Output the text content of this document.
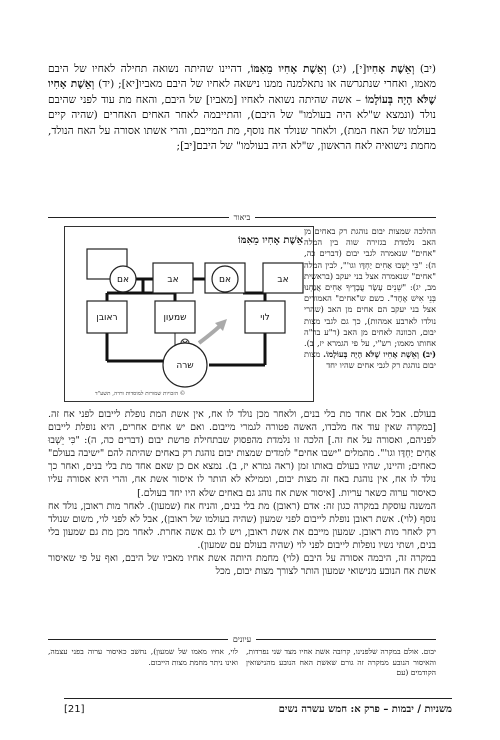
(יב) וְאֵשֶׁת אָחִיו[י], (יג) וְאֵשֶׁת אָחִיו מֵאִמּוֹ, דהיינו שהיתה נשואה תחילה לאחיו של היבם מאמו, ואחרי שנתגרשה או נתאלמנה ממנו נישאה לאחיו של היבם מאביו[יא]; (יד) וְאֵשֶׁת אָחִיו שֶׁלֹּא הָיָה בְּעוֹלָמוֹ – אשה שהיתה נשואה לאחיו [מאביו] של היבם, והאח מת עוד לפני שהיבם נולד (ונמצא ש"לא היה בעולמו" של היבם), והתייבמה לאחר האחים האחרים (שהיה קיים בעולמו של האח המת), ולאחר שנולד אח נוסף, מת המייבם, והרי אשתו אסורה על האח הנולד, מחמת נישואיה לאח הראשון, ש"לא היה בעולמו" של היבם[יב];
ביאור
אם	אב	אם	אב
ראובן	שמעון	לוי
שרה
אֵשֶׁת אָחִיו מֵאִמּוֹ
© הזכויות שמורות למוסדות ורדה, תשע"ד
ההלכה שמצות יבום נוהגת רק באחים מן האב נלמדת בגזירה שוה בין המלה "אחים" שנאמרה לגבי יבום (דברים כה, ה): "כִּי יֵשְׁבוּ אַחִים יַחְדָּו וגו'", לבין המלה "אחים" שנאמרה אצל בני יעקב (בראשית מב, יג): "שְׁנֵים עָשָׂר עֲבָדֶיךָ אַחִים אֲנַחְנוּ בְּנֵי אִישׁ אֶחָד". כשם ש"אחים" האמורים אצל בני יעקב הם אחים מן האב (שהרי נולדו לארבע אמהות), כך גם לגבי מצות יבום, הכוונה לאחים מן האב (ר"ע בר"ה אחותו מאמו; רש"י, על פי הגמרא יז, ב). (יב) וְאֵשֶׁת אָחִיו שֶׁלֹּא הָיָה בְּעוֹלָמוֹ. מצות יבום נוהגת רק לגבי אחים שהיו יחד

בעולם. אבל אם אחד מת בלי בנים, ולאחר מכן נולד לו אח, אין אשת המת נופלת לייבום לפני אח זה. [במקרה שאין עוד אח מלבדו, האשה פטורה לגמרי מייבום. ואם יש אחים אחרים, היא נופלת לייבום לפניהם, ואסורה על אח זה.] הלכה זו נלמדת מהפסוק שבתחילת פרשת יבום (דברים כה, ה): "כִּי יֵשְׁבוּ אַחִים יַחְדָּו וגו'". מהמלים "ישבו אחים" לומדים שמצות יבום נוהגת רק באחים שהיתה להם "ישיבה בעולם" כאחים; והיינו, שהיו בעולם באותו זמן (ראה גמרא יז, ב). נמצא אם כן שאם אחד מת בלי בנים, ואחר כך נולד לו אח, אין נוהגת באח זה מצות יבום, וממילא לא הותר לו איסור אשת אח, והרי היא אסורה עליו כאיסור ערוה כשאר עריות. [איסור אשת אח נוהג גם באחים שלא היו יחד בעולם.]

המשנה עוסקת במקרה כגון זה: אדם (ראובן) מת בלי בנים, והניח אח (שמעון). לאחר מות ראובן, נולד אח נוסף (לוי). אשת ראובן נופלת לייבום לפני שמעון (שהיה בעולמו של ראובן), אבל לא לפני לוי, משום שנולד רק לאחר מות ראובן. שמעון מייבם את אשת ראובן, ויש לו גם אשה אחרת. לאחר מכן מת גם שמעון בלי בנים, ושתי נשיו נופלות לייבום לפני לוי (שהיה בעולם עם שמעון).

במקרה זה, היבמה אסורה על היבם (לוי) מחמת היותה אשת אחיו מאביו של היבם, ואף על פי שאיסור אשת אח הנובע מנישואי שמעון הותר לצורך מצות יבום, מכל

עיונים
יבום. אולם במקרה שלפנינו, קרובה אשת אחיו מצד שני נפרדות, והאיסור הנובע ממקרה זה גורם שאשת האח הנובע מהנישואין הקודמים (עם
לוי, אחיו מאמו של שמעון), נחשב כאיסור ערוה בפני עצמה, ואינו ניתר מחמת מצות הייבום.
משניות / יבמות – פרק א: חמש עשרה נשים
[21]
